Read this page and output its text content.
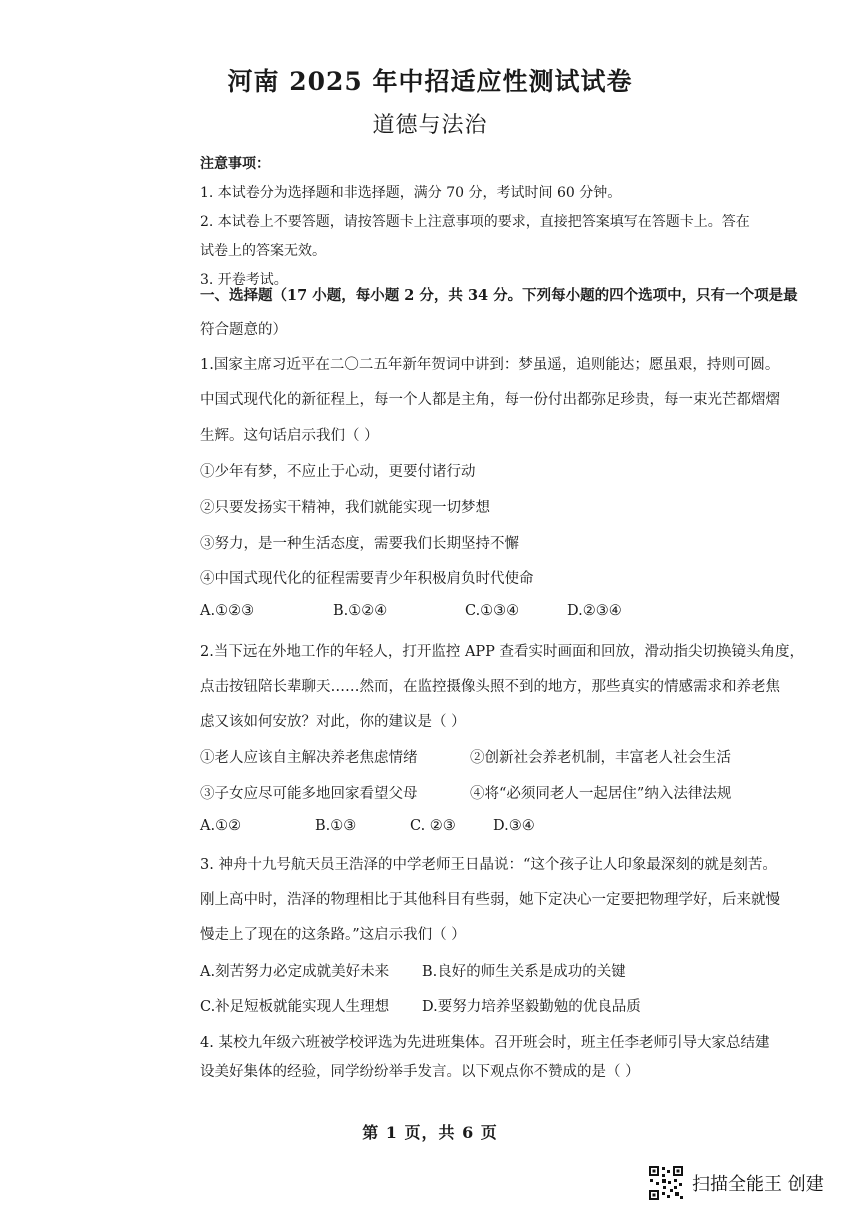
河南 2025 年中招适应性测试试卷
道德与法治
注意事项：
1. 本试卷分为选择题和非选择题，满分 70 分，考试时间 60 分钟。
2. 本试卷上不要答题，请按答题卡上注意事项的要求，直接把答案填写在答题卡上。答在
试卷上的答案无效。
3. 开卷考试。
一、选择题（17 小题，每小题 2 分，共 34 分。下列每小题的四个选项中，只有一个项是最
符合题意的）
1.国家主席习近平在二〇二五年新年贺词中讲到：梦虽遥，追则能达；愿虽艰，持则可圆。
中国式现代化的新征程上，每一个人都是主角，每一份付出都弥足珍贵，每一束光芒都熠熠
生辉。这句话启示我们（ ）
①少年有梦，不应止于心动，更要付诸行动
②只要发扬实干精神，我们就能实现一切梦想
③努力，是一种生活态度，需要我们长期坚持不懈
④中国式现代化的征程需要青少年积极肩负时代使命
A.①②③	B.①②④	C.①③④	D.②③④
2.当下远在外地工作的年轻人，打开监控 APP 查看实时画面和回放，滑动指尖切换镜头角度，
点击按钮陪长辈聊天……然而，在监控摄像头照不到的地方，那些真实的情感需求和养老焦
虑又该如何安放？对此，你的建议是（ ）
①老人应该自主解决养老焦虑情绪	②创新社会养老机制，丰富老人社会生活
③子女应尽可能多地回家看望父母	④将“必须同老人一起居住”纳入法律法规
A.①②	B.①③	C. ②③	D.③④
3. 神舟十九号航天员王浩泽的中学老师王日晶说：“这个孩子让人印象最深刻的就是刻苦。
刚上高中时，浩泽的物理相比于其他科目有些弱，她下定决心一定要把物理学好，后来就慢
慢走上了现在的这条路。”这启示我们（ ）
A.刻苦努力必定成就美好未来 B.良好的师生关系是成功的关键
C.补足短板就能实现人生理想 D.要努力培养坚毅勤勉的优良品质
4. 某校九年级六班被学校评选为先进班集体。召开班会时，班主任李老师引导大家总结建
设美好集体的经验，同学纷纷举手发言。以下观点你不赞成的是（ ）
第 1 页，共 6 页
扫描全能王 创建
